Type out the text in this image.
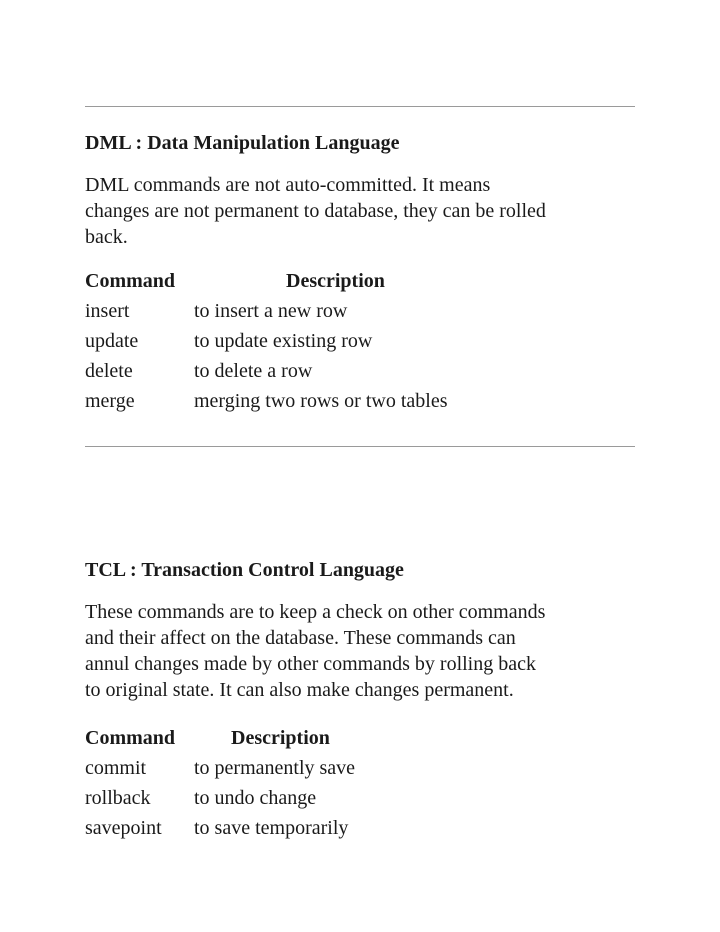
DML : Data Manipulation Language

DML commands are not auto-committed. It means

changes are not permanent to database, they can be rolled

back.

Command	Description
insert	to insert a new row
update	to update existing row
delete	to delete a row
merge	merging two rows or two tables

TCL : Transaction Control Language

These commands are to keep a check on other commands

and their affect on the database. These commands can

annul changes made by other commands by rolling back

to original state. It can also make changes permanent.

Command	Description
commit to permanently save
rollback to undo change
savepoint to save temporarily
